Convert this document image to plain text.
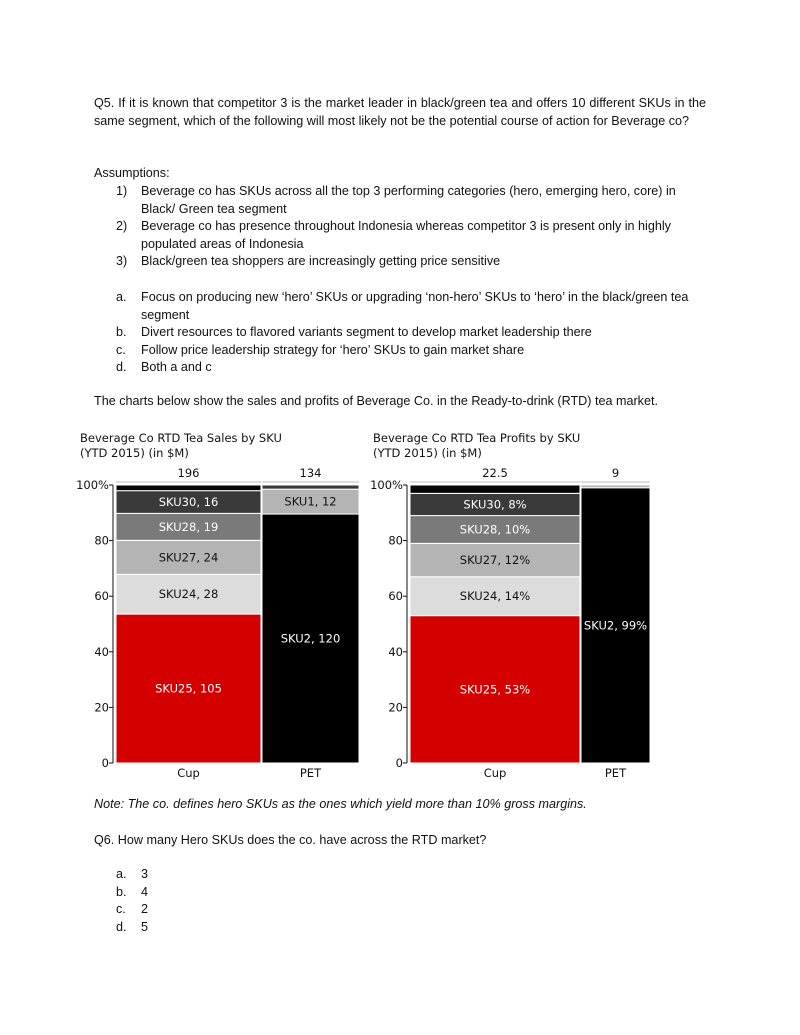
Q5. If it is known that competitor 3 is the market leader in black/green tea and offers 10 different SKUs in the same segment, which of the following will most likely not be the potential course of action for Beverage co?

Assumptions:
1) Beverage co has SKUs across all the top 3 performing categories (hero, emerging hero, core) in Black/ Green tea segment
2) Beverage co has presence throughout Indonesia whereas competitor 3 is present only in highly populated areas of Indonesia
3) Black/green tea shoppers are increasingly getting price sensitive
a. Focus on producing new ‘hero’ SKUs or upgrading ‘non-hero’ SKUs to ‘hero’ in the black/green tea segment
b. Divert resources to flavored variants segment to develop market leadership there
c. Follow price leadership strategy for ‘hero’ SKUs to gain market share
d. Both a and c
The charts below show the sales and profits of Beverage Co. in the Ready-to-drink (RTD) tea market.
Beverage Co RTD Tea Sales by SKU
(YTD 2015) (in $M)
SKU25, 105
SKU24, 28
SKU27, 24
SKU28, 19
SKU30, 16
196
Cup
SKU2, 120
SKU1, 12
134
PET
0
20
40
60
80
100%
Beverage Co RTD Tea Profits by SKU
(YTD 2015) (in $M)
SKU25, 53%
SKU24, 14%
SKU27, 12%
SKU28, 10%
SKU30, 8%
22.5
Cup
SKU2, 99%
9
PET
0
20
40
60
80
100%
Note: The co. defines hero SKUs as the ones which yield more than 10% gross margins.
Q6. How many Hero SKUs does the co. have across the RTD market?
a. 3
b. 4
c. 2
d. 5
